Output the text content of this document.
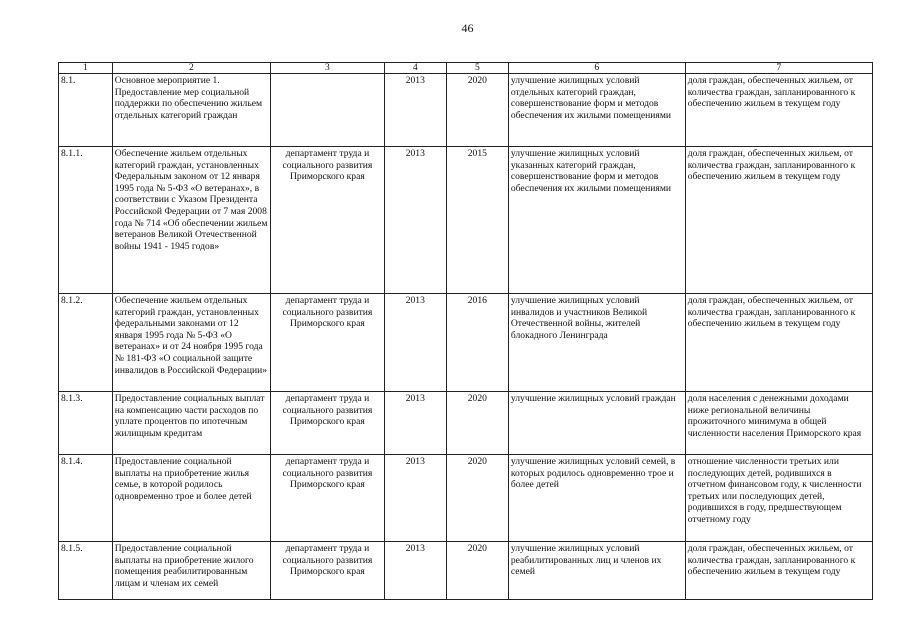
46
1	2	3	4	5	6	7
8.1.	Основное мероприятие 1. Предоставление мер социальной поддержки по обеспечению жильем отдельных категорий граждан		2013	2020	улучшение жилищных условий отдельных категорий граждан, совершенствование форм и методов обеспечения их жилыми помещениями	доля граждан, обеспеченных жильем, от количества граждан, запланированного к обеспечению жильем в текущем году
8.1.1.	Обеспечение жильем отдельных категорий граждан, установленных Федеральным законом от 12 января 1995 года № 5-ФЗ «О ветеранах», в соответствии с Указом Президента Российской Федерации от 7 мая 2008 года № 714 «Об обеспечении жильем ветеранов Великой Отечественной войны 1941 - 1945 годов»	департамент труда и социального развития Приморского края	2013	2015	улучшение жилищных условий указанных категорий граждан, совершенствование форм и методов обеспечения их жилыми помещениями	доля граждан, обеспеченных жильем, от количества граждан, запланированного к обеспечению жильем в текущем году
8.1.2.	Обеспечение жильем отдельных категорий граждан, установленных федеральными законами от 12 января 1995 года № 5-ФЗ «О ветеранах» и от 24 ноября 1995 года № 181-ФЗ «О социальной защите инвалидов в Российской Федерации»	департамент труда и социального развития Приморского края	2013	2016	улучшение жилищных условий инвалидов и участников Великой Отечественной войны, жителей блокадного Ленинграда	доля граждан, обеспеченных жильем, от количества граждан, запланированного к обеспечению жильем в текущем году
8.1.3.	Предоставление социальных выплат на компенсацию части расходов по уплате процентов по ипотечным жилищным кредитам	департамент труда и социального развития Приморского края	2013	2020	улучшение жилищных условий граждан	доля населения с денежными доходами ниже региональной величины прожиточного минимума в общей численности населения Приморского края
8.1.4.	Предоставление социальной выплаты на приобретение жилья семье, в которой родилось одновременно трое и более детей	департамент труда и социального развития Приморского края	2013	2020	улучшение жилищных условий семей, в которых родилось одновременно трое и более детей	отношение численности третьих или последующих детей, родившихся в отчетном финансовом году, к численности третьих или последующих детей, родившихся в году, предшествующем отчетному году
8.1.5.	Предоставление социальной выплаты на приобретение жилого помещения реабилитированным лицам и членам их семей	департамент труда и социального развития Приморского края	2013	2020	улучшение жилищных условий реабилитированных лиц и членов их семей	доля граждан, обеспеченных жильем, от количества граждан, запланированного к обеспечению жильем в текущем году
